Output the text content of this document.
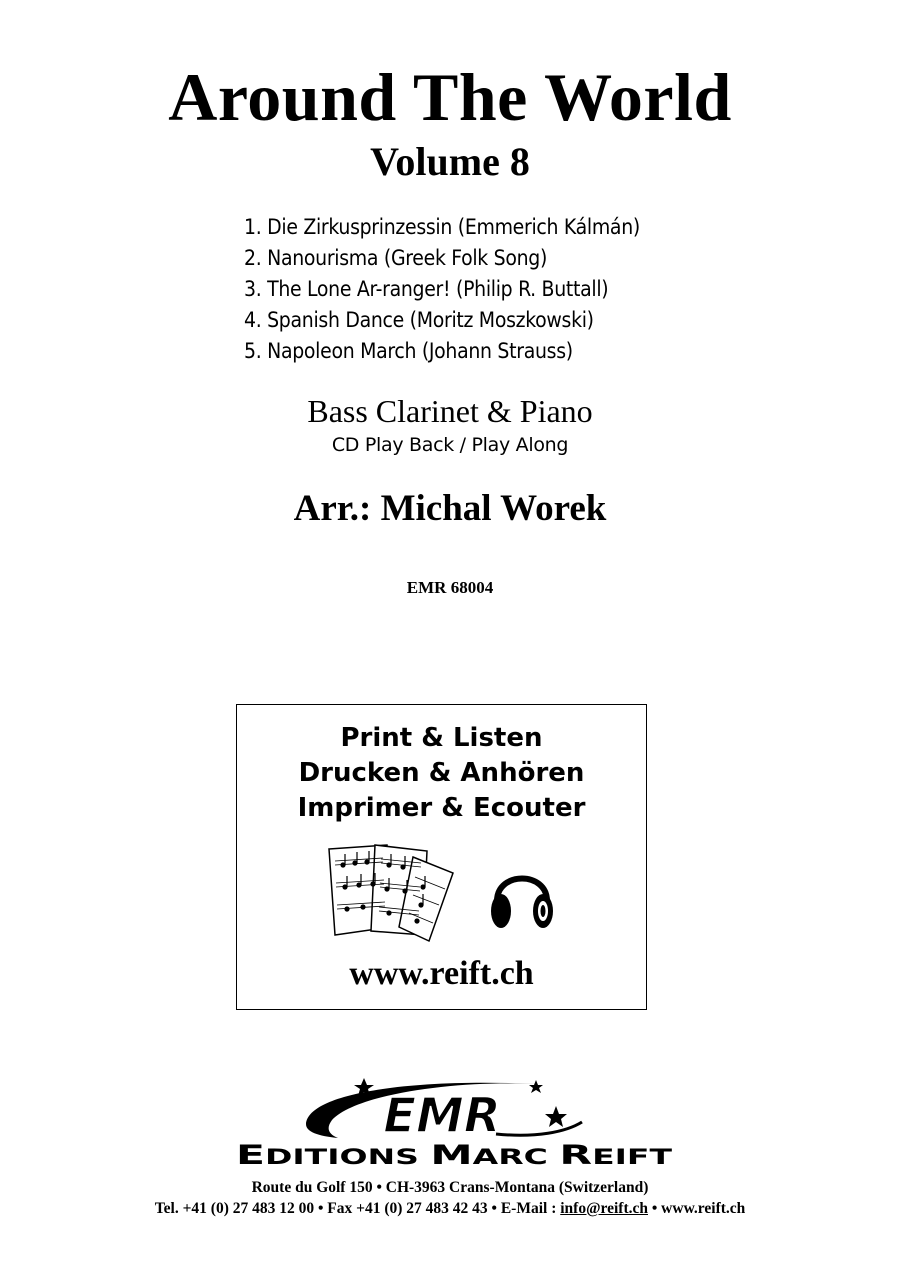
Around The World
Volume 8
1. Die Zirkusprinzessin (Emmerich Kálmán)
2. Nanourisma (Greek Folk Song)
3. The Lone Ar-ranger! (Philip R. Buttall)
4. Spanish Dance (Moritz Moszkowski)
5. Napoleon March (Johann Strauss)
Bass Clarinet & Piano
CD Play Back / Play Along
Arr.: Michal Worek
EMR 68004
Print & Listen
Drucken & Anhören
Imprimer & Ecouter
www.reift.ch
EMR
E DITIONS M ARC R EIFT
Route du Golf 150 • CH-3963 Crans-Montana (Switzerland)
Tel. +41 (0) 27 483 12 00 • Fax +41 (0) 27 483 42 43 • E-Mail : info@reift.ch • www.reift.ch
